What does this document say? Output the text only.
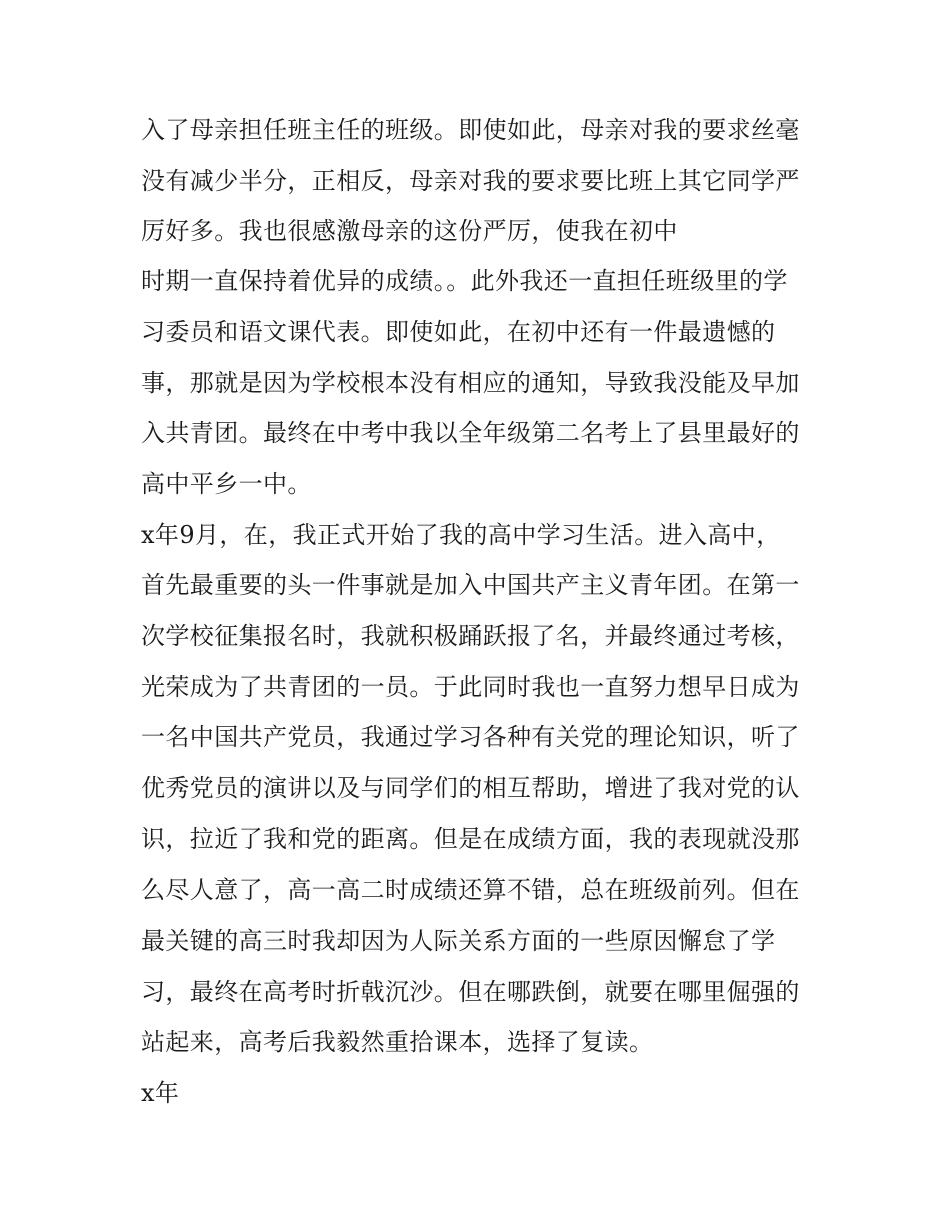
入了母亲担任班主任的班级。即使如此，母亲对我的要求丝毫
没有减少半分，正相反，母亲对我的要求要比班上其它同学严
厉好多。我也很感激母亲的这份严厉，使我在初中
时期一直保持着优异的成绩。。此外我还一直担任班级里的学
习委员和语文课代表。即使如此，在初中还有一件最遗憾的
事，那就是因为学校根本没有相应的通知，导致我没能及早加
入共青团。最终在中考中我以全年级第二名考上了县里最好的
高中平乡一中。
x年9月，在，我正式开始了我的高中学习生活。进入高中，
首先最重要的头一件事就是加入中国共产主义青年团。在第一
次学校征集报名时，我就积极踊跃报了名，并最终通过考核，
光荣成为了共青团的一员。于此同时我也一直努力想早日成为
一名中国共产党员，我通过学习各种有关党的理论知识，听了
优秀党员的演讲以及与同学们的相互帮助，增进了我对党的认
识，拉近了我和党的距离。但是在成绩方面，我的表现就没那
么尽人意了，高一高二时成绩还算不错，总在班级前列。但在
最关键的高三时我却因为人际关系方面的一些原因懈怠了学
习，最终在高考时折戟沉沙。但在哪跌倒，就要在哪里倔强的
站起来，高考后我毅然重拾课本，选择了复读。
x年
